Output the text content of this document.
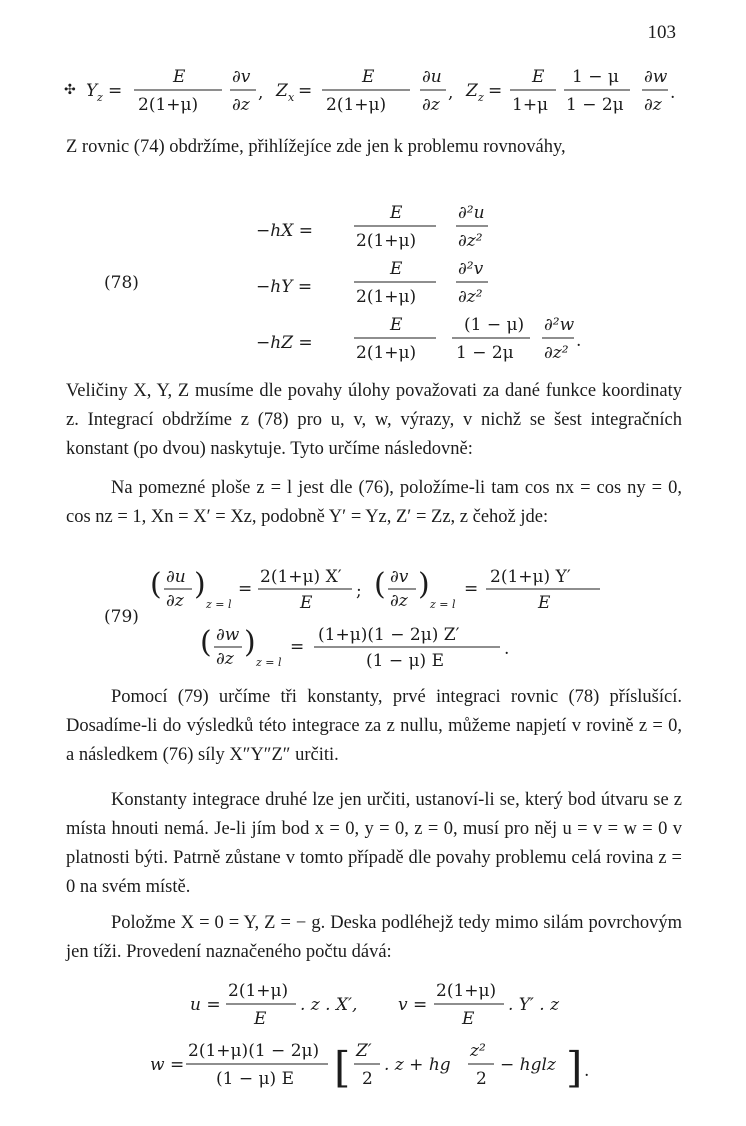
103
✣ Y z =
E
2(1+μ)
∂v
∂z
, Z x =
E
2(1+μ)
∂u
∂z
, Z z =
E
1+μ
1 − μ
1 − 2μ
∂w
∂z
.

Z rovnic (74) obdržíme, přihlížejíce zde jen k problemu rovnováhy,

(78)
−hX =
E
2(1+μ)
∂²u
∂z²
−hY =
E
2(1+μ)
∂²v
∂z²
−hZ =
E
2(1+μ)
(1 − μ)
1 − 2μ
∂²w
∂z²
.

Veličiny X, Y, Z musíme dle povahy úlohy považovati za dané funkce koordinaty z. Integrací obdržíme z (78) pro u, v, w, výrazy, v nichž se šest integračních konstant (po dvou) naskytuje. Tyto určíme následovně:

Na pomezné ploše z = l jest dle (76), položíme-li tam cos nx = cos ny = 0, cos nz = 1, Xn = X′ = Xz, podobně Y′ = Yz, Z′ = Zz, z čehož jde:

(79)
( ∂u
∂z )
z = l
=
2(1+μ) X′
E
; ( ∂v
∂z )
z = l
=
2(1+μ) Y′
E
( ∂w
∂z )
z = l
=
(1+μ)(1 − 2μ) Z′
(1 − μ) E
.

Pomocí (79) určíme tři konstanty, prvé integraci rovnic (78) příslušící. Dosadíme-li do výsledků této integrace za z nullu, můžeme napjetí v rovině z = 0, a následkem (76) síly X″Y″Z″ určiti.

Konstanty integrace druhé lze jen určiti, ustanoví-li se, který bod útvaru se z místa hnouti nemá. Je-li jím bod x = 0, y = 0, z = 0, musí pro něj u = v = w = 0 v platnosti býti. Patrně zůstane v tomto případě dle povahy problemu celá rovina z = 0 na svém místě.

Položme X = 0 = Y, Z = − g. Deska podléhejž tedy mimo silám povrchovým jen tíži. Provedení naznačeného počtu dává:

u =
2(1+μ)
E
. z . X′, v =
2(1+μ)
E
. Y′ . z
w =
2(1+μ)(1 − 2μ)
(1 − μ) E [ Z′
2
. z + hg
z²
2
− hglz ] .
